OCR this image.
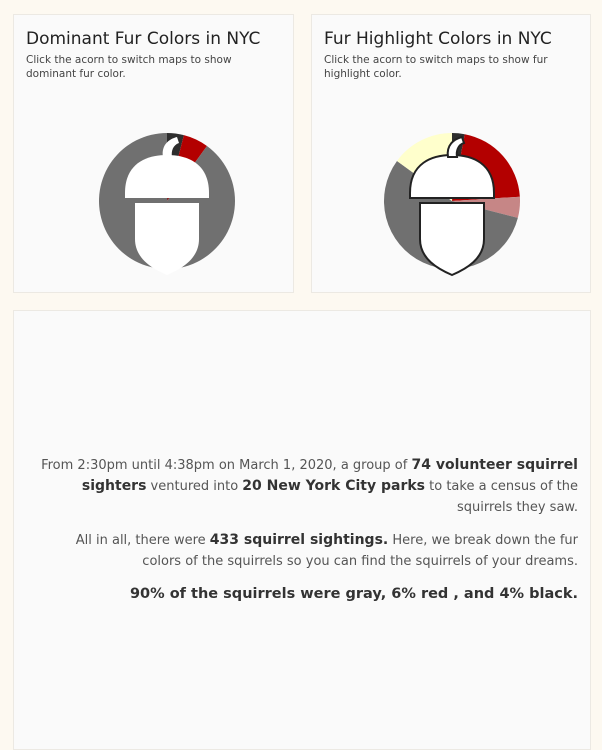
Dominant Fur Colors in NYC

Click the acorn to switch maps to show dominant fur color.

Fur Highlight Colors in NYC

Click the acorn to switch maps to show fur highlight color.

From 2:30pm until 4:38pm on March 1, 2020, a group of 74 volunteer squirrel sighters ventured into 20 New York City parks to take a census of the squirrels they saw.

All in all, there were 433 squirrel sightings. Here, we break down the fur colors of the squirrels so you can find the squirrels of your dreams.

90% of the squirrels were gray, 6% red , and 4% black.
